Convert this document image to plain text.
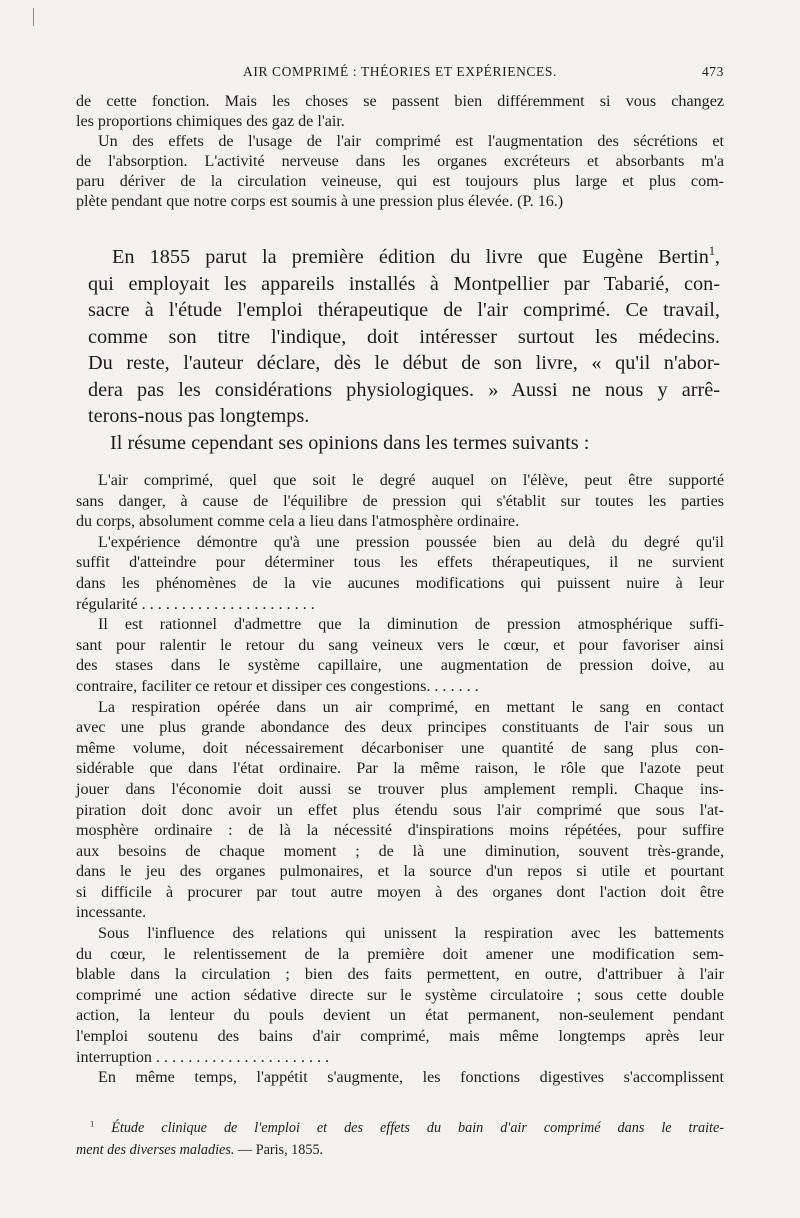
AIR COMPRIMÉ : THÉORIES ET EXPÉRIENCES.	473
de cette fonction. Mais les choses se passent bien différemment si vous changez
les proportions chimiques des gaz de l'air.
Un des effets de l'usage de l'air comprimé est l'augmentation des sécrétions et
de l'absorption. L'activité nerveuse dans les organes excréteurs et absorbants m'a
paru dériver de la circulation veineuse, qui est toujours plus large et plus com-
plète pendant que notre corps est soumis à une pression plus élevée. (P. 16.)
En 1855 parut la première édition du livre que Eugène Bertin$^1$,
qui employait les appareils installés à Montpellier par Tabarié, con-
sacre à l'étude l'emploi thérapeutique de l'air comprimé. Ce travail,
comme son titre l'indique, doit intéresser surtout les médecins.
Du reste, l'auteur déclare, dès le début de son livre, « qu'il n'abor-
dera pas les considérations physiologiques. » Aussi ne nous y arrê-
terons-nous pas longtemps.
Il résume cependant ses opinions dans les termes suivants :
L'air comprimé, quel que soit le degré auquel on l'élève, peut être supporté
sans danger, à cause de l'équilibre de pression qui s'établit sur toutes les parties
du corps, absolument comme cela a lieu dans l'atmosphère ordinaire.
L'expérience démontre qu'à une pression poussée bien au delà du degré qu'il
suffit d'atteindre pour déterminer tous les effets thérapeutiques, il ne survient
dans les phénomènes de la vie aucunes modifications qui puissent nuire à leur
régularité . . . . . . . . . . . . . . . . . . . . . .
Il est rationnel d'admettre que la diminution de pression atmosphérique suffi-
sant pour ralentir le retour du sang veineux vers le cœur, et pour favoriser ainsi
des stases dans le système capillaire, une augmentation de pression doive, au
contraire, faciliter ce retour et dissiper ces congestions. . . . . . .
La respiration opérée dans un air comprimé, en mettant le sang en contact
avec une plus grande abondance des deux principes constituants de l'air sous un
même volume, doit nécessairement décarboniser une quantité de sang plus con-
sidérable que dans l'état ordinaire. Par la même raison, le rôle que l'azote peut
jouer dans l'économie doit aussi se trouver plus amplement rempli. Chaque ins-
piration doit donc avoir un effet plus étendu sous l'air comprimé que sous l'at-
mosphère ordinaire : de là la nécessité d'inspirations moins répétées, pour suffire
aux besoins de chaque moment ; de là une diminution, souvent très-grande,
dans le jeu des organes pulmonaires, et la source d'un repos si utile et pourtant
si difficile à procurer par tout autre moyen à des organes dont l'action doit être
incessante.
Sous l'influence des relations qui unissent la respiration avec les battements
du cœur, le relentissement de la première doit amener une modification sem-
blable dans la circulation ; bien des faits permettent, en outre, d'attribuer à l'air
comprimé une action sédative directe sur le système circulatoire ; sous cette double
action, la lenteur du pouls devient un état permanent, non-seulement pendant
l'emploi soutenu des bains d'air comprimé, mais même longtemps après leur
interruption . . . . . . . . . . . . . . . . . . . . . .
En même temps, l'appétit s'augmente, les fonctions digestives s'accomplissent
$^1$ Étude clinique de l'emploi et des effets du bain d'air comprimé dans le traite-
ment des diverses maladies. — Paris, 1855.
